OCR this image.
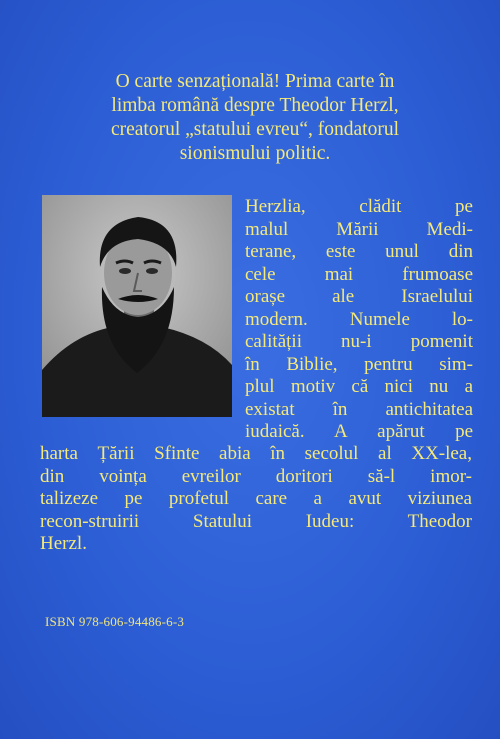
O carte senzațională! Prima carte în
limba română despre Theodor Herzl,
creatorul „statului evreu“, fondatorul
sionismului politic.

Herzlia, clădit pe
malul Mării Medi-
terane, este unul din
cele mai frumoase
orașe ale Israelului
modern. Numele lo-
calității nu-i pomenit
în Biblie, pentru sim-
plul motiv că nici nu a
existat în antichitatea
iudaică. A apărut pe

harta Țării Sfinte abia în secolul al XX-lea,
din voința evreilor doritori să-l imor-
talizeze pe profetul care a avut viziunea
recon-struirii Statului Iudeu: Theodor
Herzl.

ISBN 978-606-94486-6-3
